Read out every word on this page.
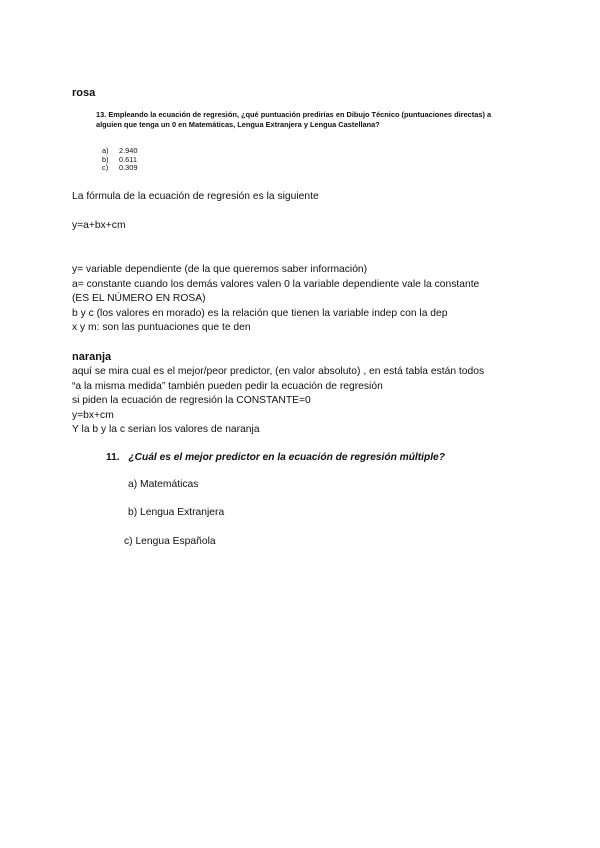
rosa
13. Empleando la ecuación de regresión, ¿qué puntuación predirías en Dibujo Técnico (puntuaciones directas) a alguien que tenga un 0 en Matemáticas, Lengua Extranjera y Lengua Castellana?
a)	2.940
b)	0.611
c)	0.309
La fórmula de la ecuación de regresión es la siguiente
y=a+bx+cm
y= variable dependiente (de la que queremos saber información)
a= constante cuando los demás valores valen 0 la variable dependiente vale la constante
(ES EL NÚMERO EN ROSA)
b y c (los valores en morado) es la relación que tienen la variable indep con la dep
x y m: son las puntuaciones que te den
naranja
aquí se mira cual es el mejor/peor predictor, (en valor absoluto) , en está tabla están todos
“a la misma medida” también pueden pedir la ecuación de regresión
si piden la ecuación de regresión la CONSTANTE=0
y=bx+cm
Y la b y la c serian los valores de naranja
11. ¿Cuál es el mejor predictor en la ecuación de regresión múltiple?
a) Matemáticas
b) Lengua Extranjera
c) Lengua Española
